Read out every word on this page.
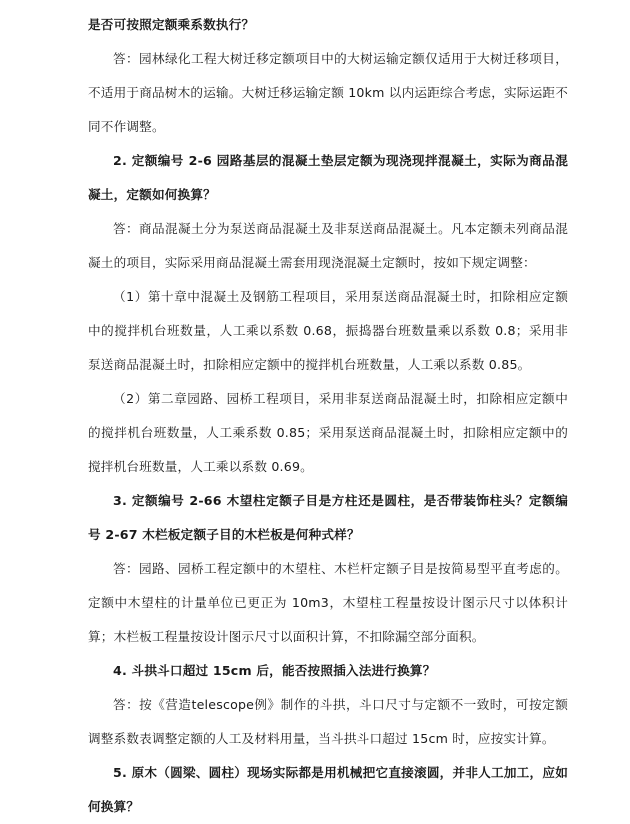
是否可按照定额乘系数执行？

答：园林绿化工程大树迁移定额项目中的大树运输定额仅适用于大树迁移项目，不适用于商品树木的运输。大树迁移运输定额 10km 以内运距综合考虑，实际运距不同不作调整。

2. 定额编号 2-6 园路基层的混凝土垫层定额为现浇现拌混凝土，实际为商品混凝土，定额如何换算？

答：商品混凝土分为泵送商品混凝土及非泵送商品混凝土。凡本定额未列商品混凝土的项目，实际采用商品混凝土需套用现浇混凝土定额时，按如下规定调整：

（1）第十章中混凝土及钢筋工程项目，采用泵送商品混凝土时，扣除相应定额中的搅拌机台班数量，人工乘以系数 0.68，振捣器台班数量乘以系数 0.8；采用非泵送商品混凝土时，扣除相应定额中的搅拌机台班数量，人工乘以系数 0.85。

（2）第二章园路、园桥工程项目，采用非泵送商品混凝土时，扣除相应定额中的搅拌机台班数量，人工乘系数 0.85；采用泵送商品混凝土时，扣除相应定额中的搅拌机台班数量，人工乘以系数 0.69。

3. 定额编号 2-66 木望柱定额子目是方柱还是圆柱，是否带装饰柱头？定额编号 2-67 木栏板定额子目的木栏板是何种式样？

答：园路、园桥工程定额中的木望柱、木栏杆定额子目是按简易型平直考虑的。定额中木望柱的计量单位已更正为 10m3，木望柱工程量按设计图示尺寸以体积计算；木栏板工程量按设计图示尺寸以面积计算，不扣除漏空部分面积。

4. 斗拱斗口超过 15cm 后，能否按照插入法进行换算？

答：按《营造telescope例》制作的斗拱，斗口尺寸与定额不一致时，可按定额调整系数表调整定额的人工及材料用量，当斗拱斗口超过 15cm 时，应按实计算。

5. 原木（圆梁、圆柱）现场实际都是用机械把它直接滚圆，并非人工加工，应如何换算？
